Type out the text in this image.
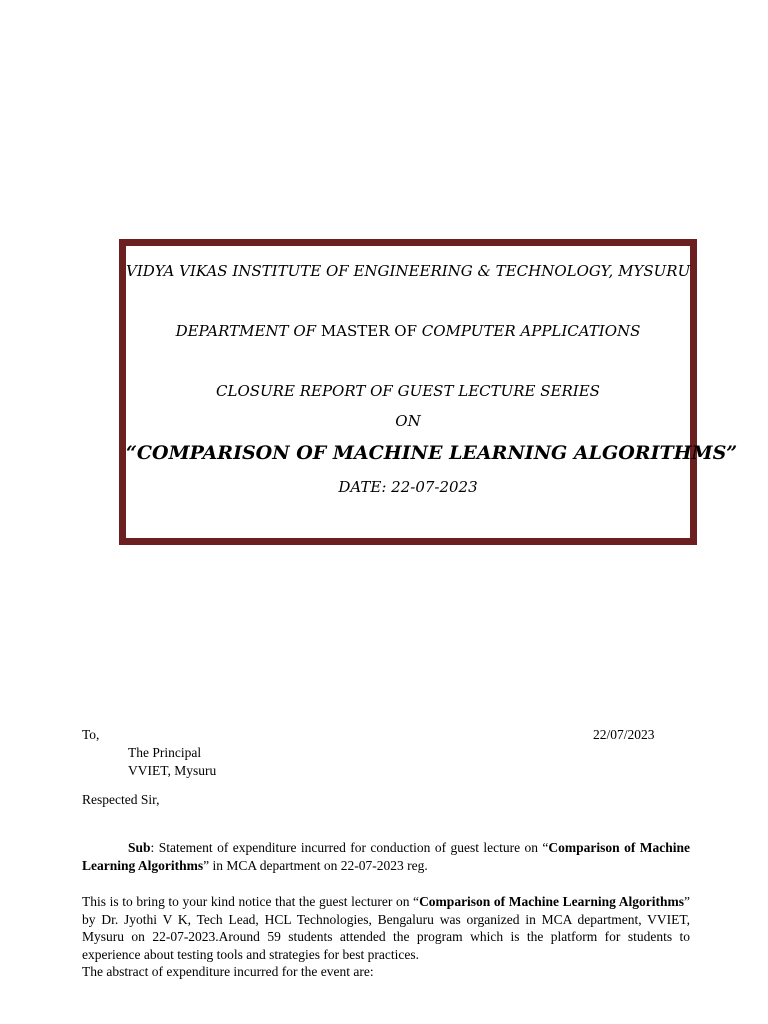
VIDYA VIKAS INSTITUTE OF ENGINEERING & TECHNOLOGY, MYSURU
DEPARTMENT OF MASTER OF COMPUTER APPLICATIONS
CLOSURE REPORT OF GUEST LECTURE SERIES
ON
“COMPARISON OF MACHINE LEARNING ALGORITHMS”
DATE: 22-07-2023
To,	22/07/2023
The Principal
VVIET, Mysuru
Respected Sir,
Sub: Statement of expenditure incurred for conduction of guest lecture on “Comparison of Machine Learning Algorithms” in MCA department on 22-07-2023 reg.
This is to bring to your kind notice that the guest lecturer on “Comparison of Machine Learning Algorithms” by Dr. Jyothi V K, Tech Lead, HCL Technologies, Bengaluru was organized in MCA department, VVIET, Mysuru on 22-07-2023.Around 59 students attended the program which is the platform for students to experience about testing tools and strategies for best practices.
The abstract of expenditure incurred for the event are:
